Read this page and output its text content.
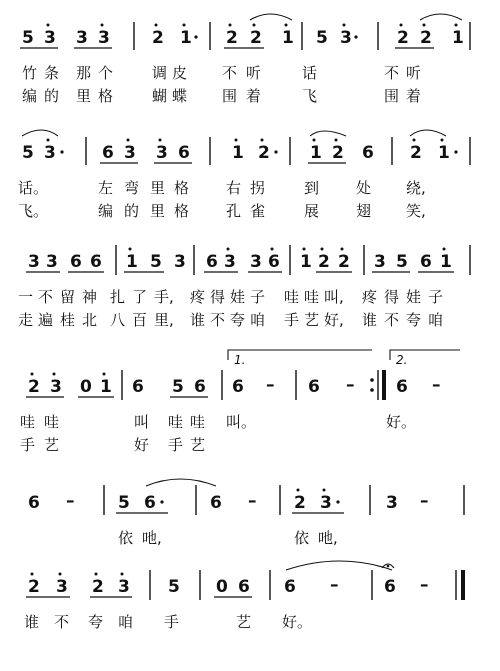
5 3 3 3 2 1 2 2 1 5 3	2 2 1
竹 条 那 个	调 皮 不 听	话	不 听
编 的 里 格	蝴 蝶 围 着	飞	围 着
5 3	6 3 3 6 1 2 1 2 6 2 1
话。	左 弯 里 格 右 拐	到 处 绕,
飞。	编 的 里 格 孔 雀	展 翅 笑,
3 3 6 6 1 5 3 6 3 3 6 1 2 2 3 5 6 1
一 不 留 神 扎 了 手, 疼 得 娃 子 哇 哇 叫, 疼 得 娃 子
走 遍 桂 北 八 百 里, 谁 不 夸 咱 手 艺 好, 谁 不 夸 咱
1.	2.
2 3 0 1 6 5 6 6 – 6 – 6 –
哇 哇	叫 哇 哇 叫。	好。
手 艺	好 手 艺
6 –	5 6	6 – 2 3	3 –
依 吔,	依 吔,
2 3 2 3 5 0 6 6 –	6 –
谁 不 夸 咱 手	艺 好。
